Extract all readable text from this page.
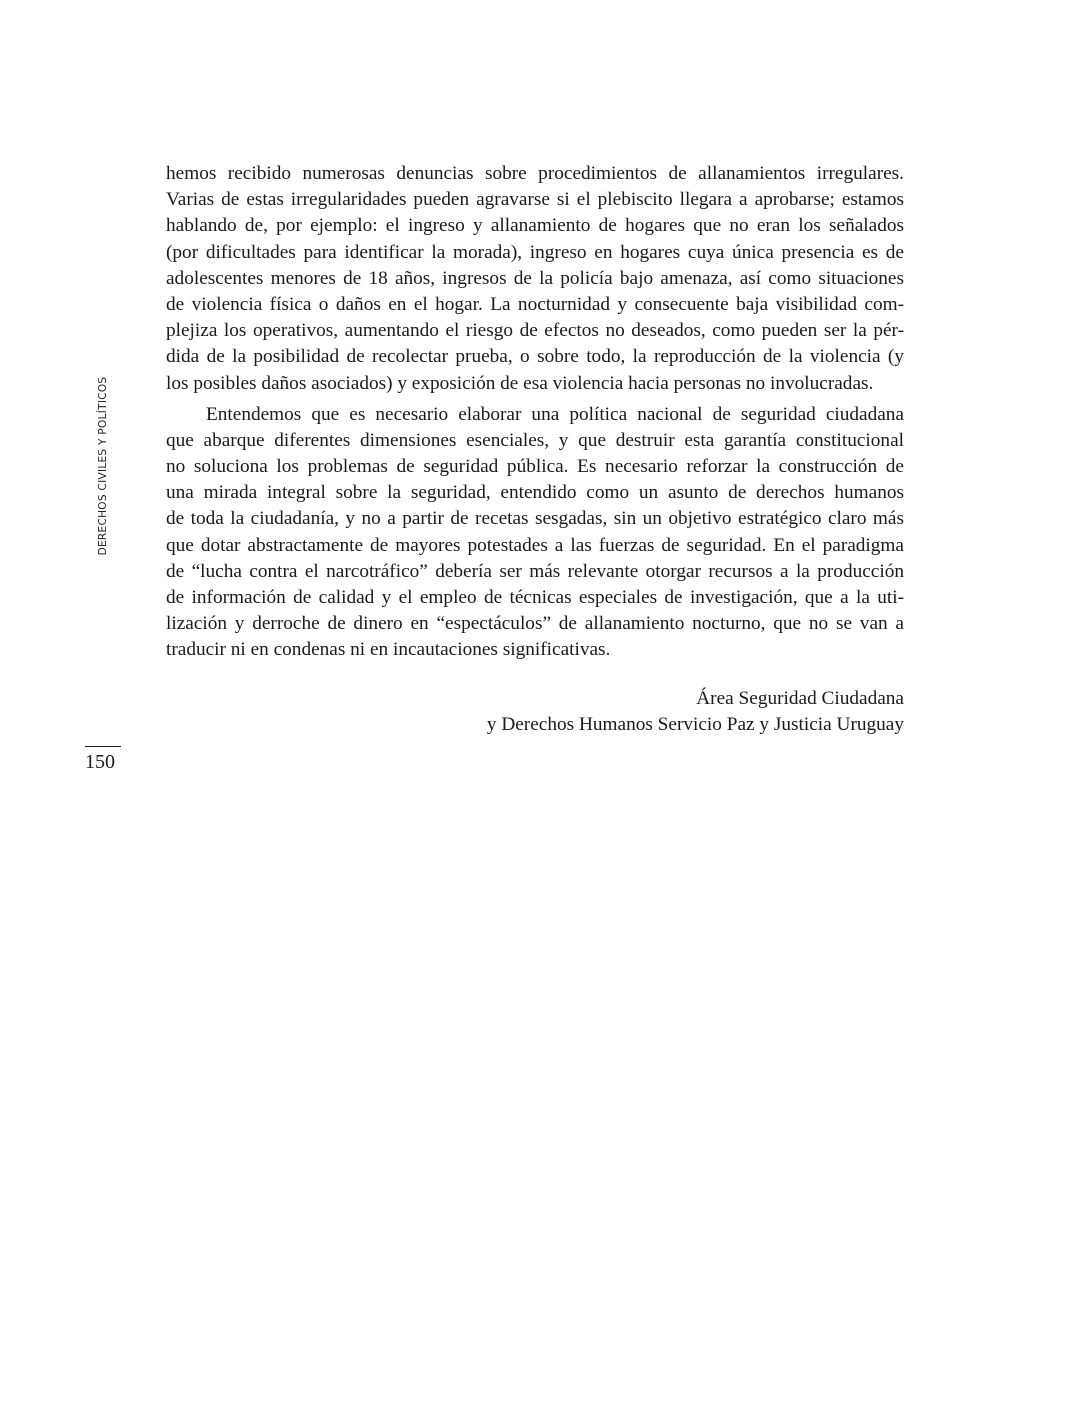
DERECHOS CIVILES Y POLÍTICOS
hemos recibido numerosas denuncias sobre procedimientos de allanamientos irregulares.
Varias de estas irregularidades pueden agravarse si el plebiscito llegara a aprobarse; estamos
hablando de, por ejemplo: el ingreso y allanamiento de hogares que no eran los señalados
(por dificultades para identificar la morada), ingreso en hogares cuya única presencia es de
adolescentes menores de 18 años, ingresos de la policía bajo amenaza, así como situaciones
de violencia física o daños en el hogar. La nocturnidad y consecuente baja visibilidad com-
plejiza los operativos, aumentando el riesgo de efectos no deseados, como pueden ser la pér-
dida de la posibilidad de recolectar prueba, o sobre todo, la reproducción de la violencia (y
los posibles daños asociados) y exposición de esa violencia hacia personas no involucradas.
Entendemos que es necesario elaborar una política nacional de seguridad ciudadana
que abarque diferentes dimensiones esenciales, y que destruir esta garantía constitucional
no soluciona los problemas de seguridad pública. Es necesario reforzar la construcción de
una mirada integral sobre la seguridad, entendido como un asunto de derechos humanos
de toda la ciudadanía, y no a partir de recetas sesgadas, sin un objetivo estratégico claro más
que dotar abstractamente de mayores potestades a las fuerzas de seguridad. En el paradigma
de “lucha contra el narcotráfico” debería ser más relevante otorgar recursos a la producción
de información de calidad y el empleo de técnicas especiales de investigación, que a la uti-
lización y derroche de dinero en “espectáculos” de allanamiento nocturno, que no se van a
traducir ni en condenas ni en incautaciones significativas.
Área Seguridad Ciudadana
y Derechos Humanos Servicio Paz y Justicia Uruguay
150
